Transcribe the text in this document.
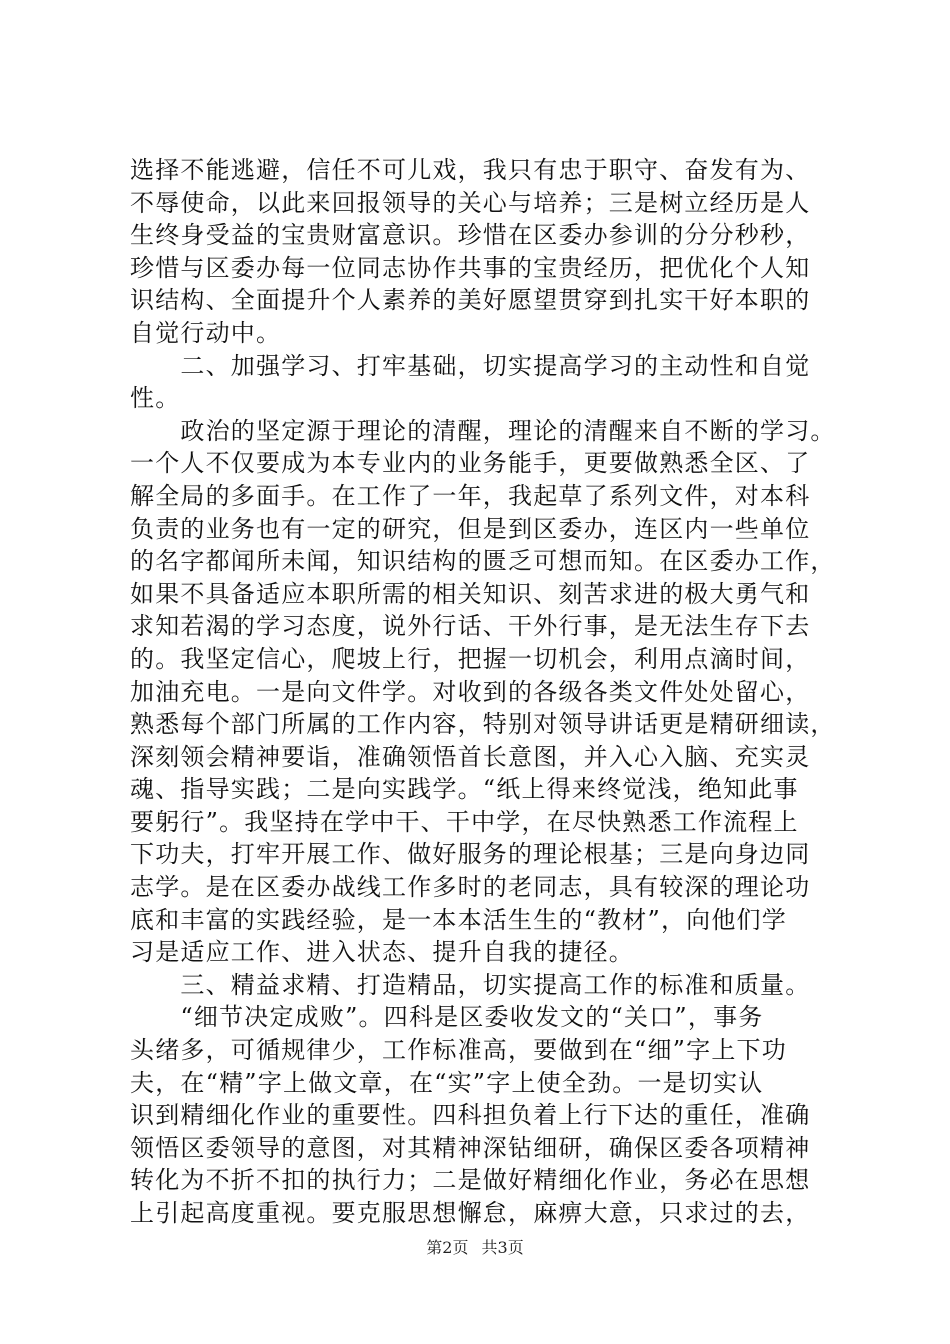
选择不能逃避，信任不可儿戏，我只有忠于职守、奋发有为、
不辱使命，以此来回报领导的关心与培养；三是树立经历是人
生终身受益的宝贵财富意识。珍惜在区委办参训的分分秒秒，
珍惜与区委办每一位同志协作共事的宝贵经历，把优化个人知
识结构、全面提升个人素养的美好愿望贯穿到扎实干好本职的
自觉行动中。
　　二、加强学习、打牢基础，切实提高学习的主动性和自觉
性。
　　政治的坚定源于理论的清醒，理论的清醒来自不断的学习。
一个人不仅要成为本专业内的业务能手，更要做熟悉全区、了
解全局的多面手。在工作了一年，我起草了系列文件，对本科
负责的业务也有一定的研究，但是到区委办，连区内一些单位
的名字都闻所未闻，知识结构的匮乏可想而知。在区委办工作，
如果不具备适应本职所需的相关知识、刻苦求进的极大勇气和
求知若渴的学习态度，说外行话、干外行事，是无法生存下去
的。我坚定信心，爬坡上行，把握一切机会，利用点滴时间，
加油充电。一是向文件学。对收到的各级各类文件处处留心，
熟悉每个部门所属的工作内容，特别对领导讲话更是精研细读，
深刻领会精神要诣，准确领悟首长意图，并入心入脑、充实灵
魂、指导实践；二是向实践学。“纸上得来终觉浅，绝知此事
要躬行”。我坚持在学中干、干中学，在尽快熟悉工作流程上
下功夫，打牢开展工作、做好服务的理论根基；三是向身边同
志学。是在区委办战线工作多时的老同志，具有较深的理论功
底和丰富的实践经验，是一本本活生生的“教材”，向他们学
习是适应工作、进入状态、提升自我的捷径。
　　三、精益求精、打造精品，切实提高工作的标准和质量。
　　“细节决定成败”。四科是区委收发文的“关口”，事务
头绪多，可循规律少，工作标准高，要做到在“细”字上下功
夫，在“精”字上做文章，在“实”字上使全劲。一是切实认
识到精细化作业的重要性。四科担负着上行下达的重任，准确
领悟区委领导的意图，对其精神深钻细研，确保区委各项精神
转化为不折不扣的执行力；二是做好精细化作业，务必在思想
上引起高度重视。要克服思想懈怠，麻痹大意，只求过的去，
第2页 共3页
